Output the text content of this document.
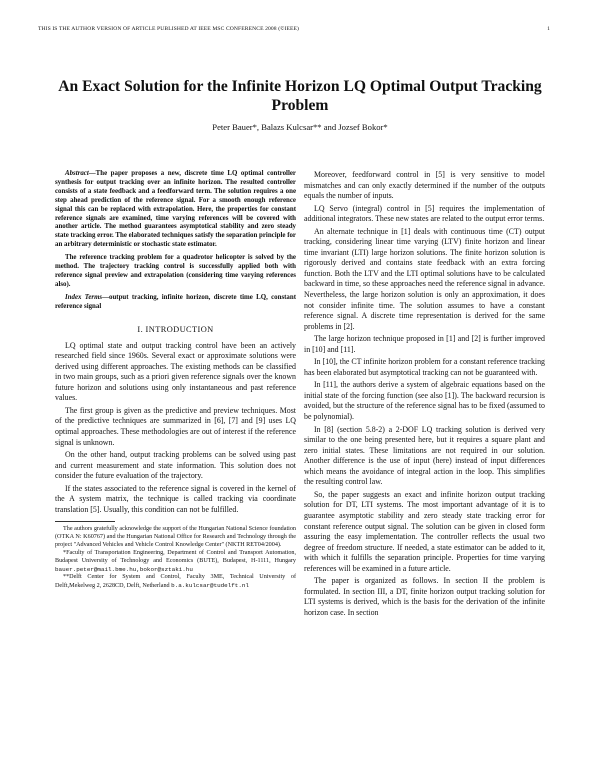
THIS IS THE AUTHOR VERSION OF ARTICLE PUBLISHED AT IEEE MSC CONFERENCE 2008 (©IEEE)	1
An Exact Solution for the Infinite Horizon LQ Optimal Output Tracking Problem
Peter Bauer*, Balazs Kulcsar** and Jozsef Bokor*

Abstract—The paper proposes a new, discrete time LQ optimal controller synthesis for output tracking over an infinite horizon. The resulted controller consists of a state feedback and a feedforward term. The solution requires a one step ahead prediction of the reference signal. For a smooth enough reference signal this can be replaced with extrapolation. Here, the properties for constant reference signals are examined, time varying references will be covered with another article. The method guarantees asymptotical stability and zero steady state tracking error. The elaborated techniques satisfy the separation principle for an arbitrary deterministic or stochastic state estimator.

The reference tracking problem for a quadrotor helicopter is solved by the method. The trajectory tracking control is successfully applied both with reference signal preview and extrapolation (considering time varying references also).

Index Terms—output tracking, infinite horizon, discrete time LQ, constant reference signal

I. INTRODUCTION

LQ optimal state and output tracking control have been an actively researched field since 1960s. Several exact or approximate solutions were derived using different approaches. The existing methods can be classified in two main groups, such as a priori given reference signals over the known future horizon and solutions using only instantaneous and past reference values.

The first group is given as the predictive and preview techniques. Most of the predictive techniques are summarized in [6], [7] and [9] uses LQ optimal approaches. These methodologies are out of interest if the reference signal is unknown.

On the other hand, output tracking problems can be solved using past and current measurement and state information. This solution does not consider the future evaluation of the trajectory.

If the states associated to the reference signal is covered in the kernel of the A system matrix, the technique is called tracking via coordinate translation [5]. Usually, this condition can not be fulfilled.

The authors gratefully acknowledge the support of the Hungarian National Science foundation (OTKA N: K60767) and the Hungarian National Office for Research and Technology through the project "Advanced Vehicles and Vehicle Control Knowledge Center" (NKTH RET04/2004).

*Faculty of Transportation Engineering, Department of Control and Transport Automation, Budapest University of Technology and Economics (BUTE), Budapest, H-1111, Hungary bauer.peter@mail.bme.hu,bokor@sztaki.hu

**Delft Center for System and Control, Faculty 3ME, Technical University of Delft,Mekelweg 2, 2628CD, Delft, Netherland b.a.kulcsar@tudelft.nl

Moreover, feedforward control in [5] is very sensitive to model mismatches and can only exactly determined if the number of the outputs equals the number of inputs.

LQ Servo (integral) control in [5] requires the implementation of additional integrators. These new states are related to the output error terms.

An alternate technique in [1] deals with continuous time (CT) output tracking, considering linear time varying (LTV) finite horizon and linear time invariant (LTI) large horizon solutions. The finite horizon solution is rigorously derived and contains state feedback with an extra forcing function. Both the LTV and the LTI optimal solutions have to be calculated backward in time, so these approaches need the reference signal in advance. Nevertheless, the large horizon solution is only an approximation, it does not consider infinite time. The solution assumes to have a constant reference signal. A discrete time representation is derived for the same problems in [2].

The large horizon technique proposed in [1] and [2] is further improved in [10] and [11].

In [10], the CT infinite horizon problem for a constant reference tracking has been elaborated but asymptotical tracking can not be guaranteed with.

In [11], the authors derive a system of algebraic equations based on the initial state of the forcing function (see also [1]). The backward recursion is avoided, but the structure of the reference signal has to be fixed (assumed to be polynomial).

In [8] (section 5.8-2) a 2-DOF LQ tracking solution is derived very similar to the one being presented here, but it requires a square plant and zero initial states. These limitations are not required in our solution. Another difference is the use of input (here) instead of input differences which means the avoidance of integral action in the loop. This simplifies the resulting control law.

So, the paper suggests an exact and infinite horizon output tracking solution for DT, LTI systems. The most important advantage of it is to guarantee asymptotic stability and zero steady state tracking error for constant reference output signal. The solution can be given in closed form assuring the easy implementation. The controller reflects the usual two degree of freedom structure. If needed, a state estimator can be added to it, with which it fulfills the separation principle. Properties for time varying references will be examined in a future article.

The paper is organized as follows. In section II the problem is formulated. In section III, a DT, finite horizon output tracking solution for LTI systems is derived, which is the basis for the derivation of the infinite horizon case. In section
